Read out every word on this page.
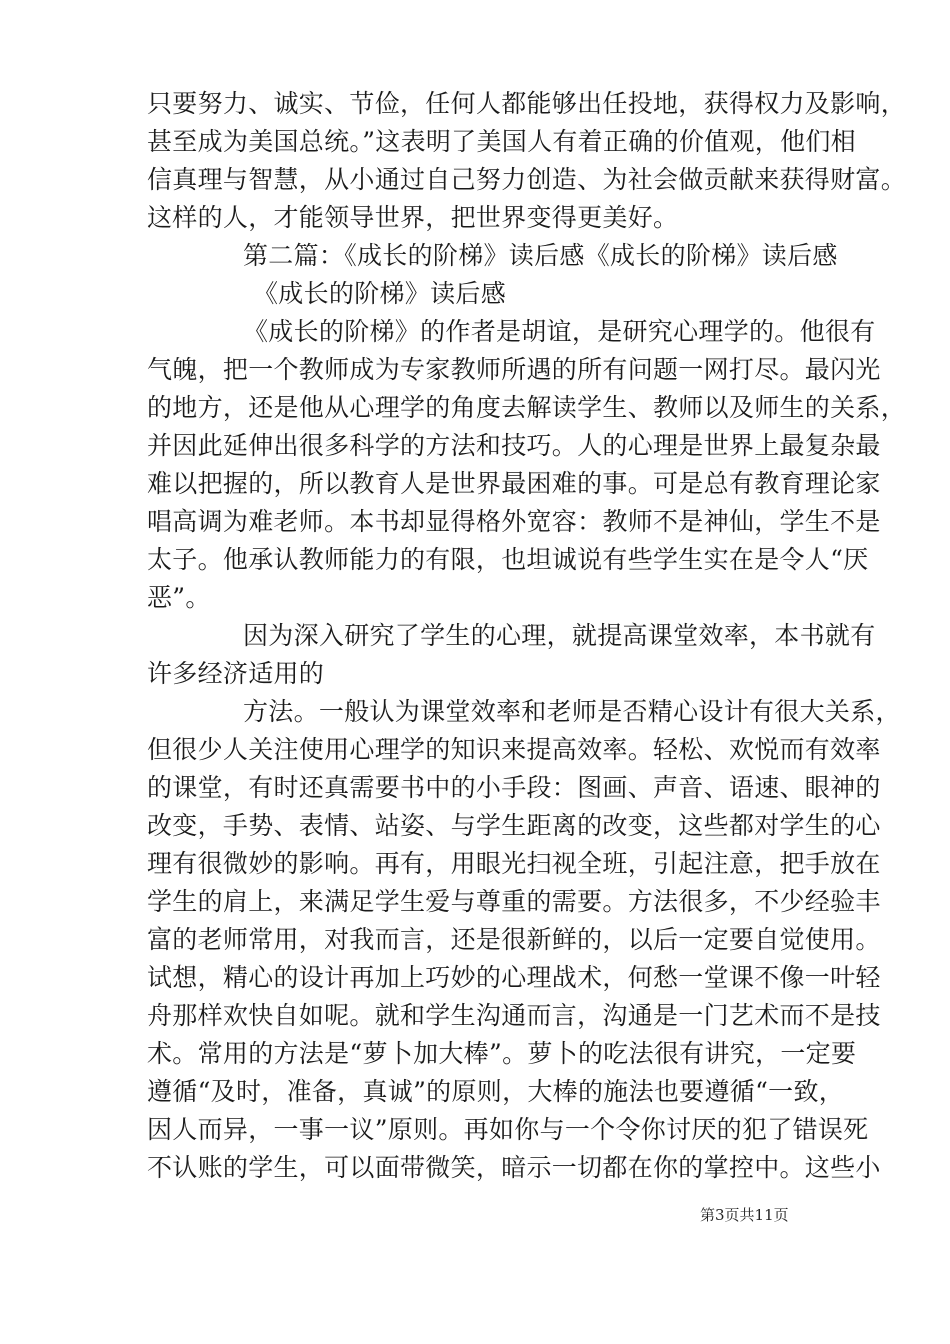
只要努力、诚实、节俭，任何人都能够出任投地，获得权力及影响，
甚至成为美国总统。”这表明了美国人有着正确的价值观，他们相
信真理与智慧，从小通过自己努力创造、为社会做贡献来获得财富。
这样的人，才能领导世界，把世界变得更美好。
第二篇：《成长的阶梯》读后感《成长的阶梯》读后感
《成长的阶梯》读后感
《成长的阶梯》的作者是胡谊，是研究心理学的。他很有
气魄，把一个教师成为专家教师所遇的所有问题一网打尽。最闪光
的地方，还是他从心理学的角度去解读学生、教师以及师生的关系，
并因此延伸出很多科学的方法和技巧。人的心理是世界上最复杂最
难以把握的，所以教育人是世界最困难的事。可是总有教育理论家
唱高调为难老师。本书却显得格外宽容：教师不是神仙，学生不是
太子。他承认教师能力的有限，也坦诚说有些学生实在是令人“厌
恶”。
因为深入研究了学生的心理，就提高课堂效率，本书就有
许多经济适用的
方法。一般认为课堂效率和老师是否精心设计有很大关系，
但很少人关注使用心理学的知识来提高效率。轻松、欢悦而有效率
的课堂，有时还真需要书中的小手段：图画、声音、语速、眼神的
改变，手势、表情、站姿、与学生距离的改变，这些都对学生的心
理有很微妙的影响。再有，用眼光扫视全班，引起注意，把手放在
学生的肩上，来满足学生爱与尊重的需要。方法很多，不少经验丰
富的老师常用，对我而言，还是很新鲜的，以后一定要自觉使用。
试想，精心的设计再加上巧妙的心理战术，何愁一堂课不像一叶轻
舟那样欢快自如呢。就和学生沟通而言，沟通是一门艺术而不是技
术。常用的方法是“萝卜加大棒”。萝卜的吃法很有讲究，一定要
遵循“及时，准备，真诚”的原则，大棒的施法也要遵循“一致，
因人而异，一事一议”原则。再如你与一个令你讨厌的犯了错误死
不认账的学生，可以面带微笑，暗示一切都在你的掌控中。这些小
第3页共11页
